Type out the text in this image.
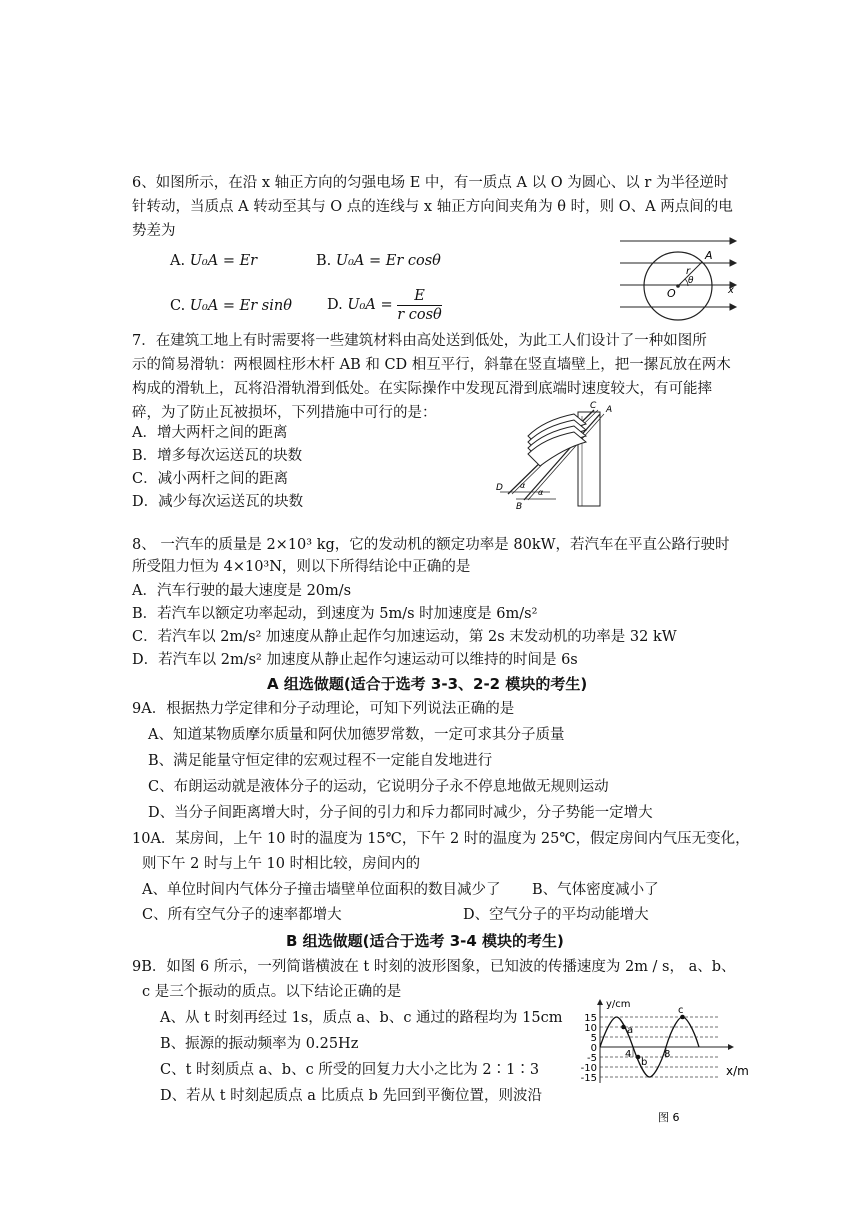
6、如图所示，在沿 x 轴正方向的匀强电场 E 中，有一质点 A 以 O 为圆心、以 r 为半径逆时
针转动，当质点 A 转动至其与 O 点的连线与 x 轴正方向间夹角为 θ 时，则 O、A 两点间的电
势差为
A. U₀A = Er	B. U₀A = Er cosθ
C. U₀A = Er sinθ D. $U_0A = \frac{E}{\text{r cosθ}}$
A
r
θ
O	x
7．在建筑工地上有时需要将一些建筑材料由高处送到低处，为此工人们设计了一种如图所
示的简易滑轨：两根圆柱形木杆 AB 和 CD 相互平行，斜靠在竖直墙壁上，把一摞瓦放在两木
构成的滑轨上，瓦将沿滑轨滑到低处。在实际操作中发现瓦滑到底端时速度较大，有可能摔
碎，为了防止瓦被损坏，下列措施中可行的是：
A．增大两杆之间的距离
B．增多每次运送瓦的块数
C．减小两杆之间的距离
D．减少每次运送瓦的块数
C A
D
B
α
α
8、 一汽车的质量是 2×10³ kg，它的发动机的额定功率是 80kW，若汽车在平直公路行驶时
所受阻力恒为 4×10³N，则以下所得结论中正确的是
A．汽车行驶的最大速度是 20m/s
B．若汽车以额定功率起动，到速度为 5m/s 时加速度是 6m/s²
C．若汽车以 2m/s² 加速度从静止起作匀加速运动，第 2s 末发动机的功率是 32 kW
D．若汽车以 2m/s² 加速度从静止起作匀速运动可以维持的时间是 6s
A 组选做题(适合于选考 3-3、2-2 模块的考生)
9A．根据热力学定律和分子动理论，可知下列说法正确的是
A、知道某物质摩尔质量和阿伏加德罗常数，一定可求其分子质量
B、满足能量守恒定律的宏观过程不一定能自发地进行
C、布朗运动就是液体分子的运动，它说明分子永不停息地做无规则运动
D、当分子间距离增大时，分子间的引力和斥力都同时减少，分子势能一定增大
10A．某房间，上午 10 时的温度为 15℃，下午 2 时的温度为 25℃，假定房间内气压无变化，
则下午 2 时与上午 10 时相比较，房间内的
A、单位时间内气体分子撞击墙壁单位面积的数目减少了 B、气体密度减小了
C、所有空气分子的速率都增大	D、空气分子的平均动能增大
B 组选做题(适合于选考 3-4 模块的考生)
9B．如图 6 所示，一列简谐横波在 t 时刻的波形图象，已知波的传播速度为 2m / s， a、b、
c 是三个振动的质点。以下结论正确的是
A、从 t 时刻再经过 1s，质点 a、b、c 通过的路程均为 15cm
B、振源的振动频率为 0.25Hz
C、t 时刻质点 a、b、c 所受的回复力大小之比为 2∶1∶3
D、若从 t 时刻起质点 a 比质点 b 先回到平衡位置，则波沿
y/cm
x/m
15
10
5
0
-5
-10
-15
4	8
a
b
c
图 6
